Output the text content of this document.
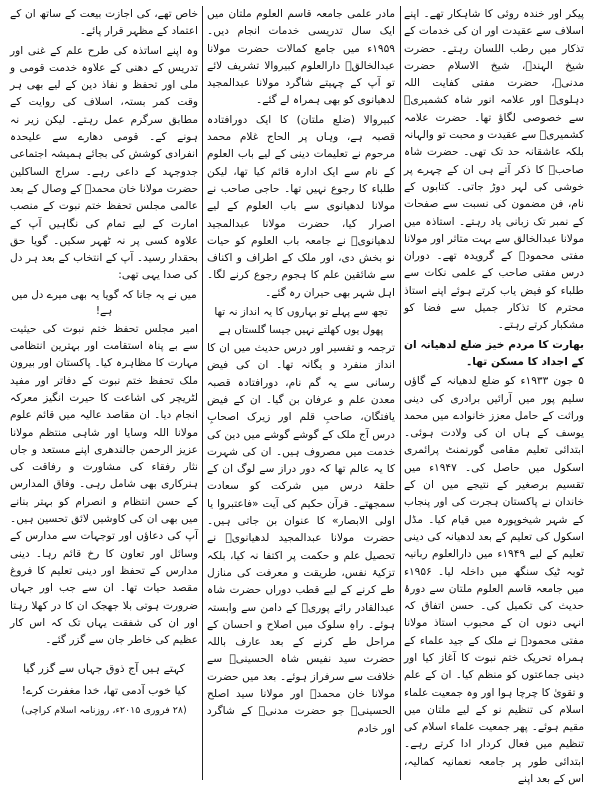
پیکر اور خندہ روئی کا شاہکار تھے۔ اپنے اسلاف سے عقیدت اور ان کی خدمات کے تذکار میں رطب اللسان رہتے۔ حضرت شیخ الہندؒ، شیخ الاسلام حضرت مدنیؒ، حضرت مفتی کفایت اللہ دہلویؒ اور علامہ انور شاہ کشمیریؒ سے خصوصی لگاؤ تھا۔ حضرت علامہ کشمیریؒ سے عقیدت و محبت تو والہانہ بلکہ عاشقانہ حد تک تھی۔ حضرت شاہ صاحبؒ کا ذکر آتے ہی ان کے چہرے پر خوشی کی لہر دوڑ جاتی۔ کتابوں کے نام، فن مضمون کی نسبت سے صفحات کے نمبر تک زبانی یاد رہتے۔ استاذہ میں مولانا عبدالخالق سے بہت متاثر اور مولانا مفتی محمودؒ کے گرویدہ تھے۔ دوران درس مفتی صاحب کے علمی نکات سے طلباء کو فیض یاب کرتے ہوئے اپنے استاذ محترم کا تذکار جمیل سے فضا کو مشکبار کرتے رہتے۔

بھارت کا مردم خیز ضلع لدھیانہ ان کے اجداد کا مسکن تھا۔

۵ جون ۱۹۳۳ء کو ضلع لدھیانہ کے گاؤں سلیم پور میں آرائیں برادری کی دینی وراثت کے حامل معزز خانوادے میں محمد یوسف کے ہاں ان کی ولادت ہوئی۔ ابتدائی تعلیم مقامی گورنمنٹ پرائمری اسکول میں حاصل کی۔ ۱۹۴۷ء میں تقسیم برصغیر کے نتیجے میں ان کے خاندان نے پاکستان ہجرت کی اور پنجاب کے شہر شیخوپورہ میں قیام کیا۔ مڈل اسکول کی تعلیم کے بعد لدھیانہ کی دینی تعلیم کے لیے ۱۹۴۹ء میں دارالعلوم ربانیہ ٹوبہ ٹیک سنگھ میں داخلہ لیا۔ ۱۹۵۶ء میں جامعہ قاسم العلوم ملتان سے دورۂ حدیث کی تکمیل کی۔ حسن اتفاق کہ انہی دنوں ان کے محبوب استاذ مولانا مفتی محمودؒ نے ملک کے جید علماء کے ہمراہ تحریک ختم نبوت کا آغاز کیا اور دینی جماعتوں کو منظم کیا۔ ان کے علم و تقویٰ کا چرچا ہوا اور وہ جمعیت علماء اسلام کی تنظیم نو کے لیے ملتان میں مقیم ہوئے۔ پھر جمعیت علماء اسلام کی تنظیم میں فعال کردار ادا کرتے رہے۔ ابتدائی طور پر جامعہ نعمانیہ کمالیہ، اس کے بعد اپنے

مادر علمی جامعہ قاسم العلوم ملتان میں ایک سال تدریسی خدمات انجام دیں۔ ۱۹۵۹ء میں جامع کمالات حضرت مولانا عبدالخالقؒ دارالعلوم کبیروالا تشریف لائے تو آپ کے چہیتے شاگرد مولانا عبدالمجید لدھیانوی کو بھی ہمراہ لے گئے۔

کبیروالا (ضلع ملتان) کا ایک دورافتادہ قصبہ ہے، وہاں پر الحاج غلام محمد مرحوم نے تعلیمات دینی کے لیے باب العلوم کے نام سے ایک ادارہ قائم کیا تھا، لیکن طلباء کا رجوع نہیں تھا۔ حاجی صاحب نے مولانا لدھیانوی سے باب العلوم کے لیے اصرار کیا، حضرت مولانا عبدالمجید لدھیانویؒ نے جامعہ باب العلوم کو حیات نو بخش دی، اور ملک کے اطراف و اکناف سے شائقین علم کا ہجوم رجوع کرنے لگا۔ اہل شہر بھی حیران رہ گئے۔

تجھ سے پہلے تو بہاروں کا یہ انداز نہ تھا

پھول یوں کھلتے نہیں جیسا گلستاں ہے

ترجمہ و تفسیر اور درس حدیث میں ان کا انداز منفرد و یگانہ تھا۔ ان کی فیض رسانی سے یہ گم نام، دورافتادہ قصبہ معدن علم و عرفان بن گیا۔ ان کے فیض یافتگان، صاحبِ قلم اور زیرک اصحابِ درس آج ملک کے گوشے گوشے میں دین کی خدمت میں مصروف ہیں۔ ان کی شہرت کا یہ عالم تھا کہ دور دراز سے لوگ ان کے حلقۂ درس میں شرکت کو سعادت سمجھتے۔ قرآن حکیم کی آیت «فاعتبروا یا اولی الابصار» کا عنوان بن جاتی ہیں۔ حضرت مولانا عبدالمجید لدھیانویؒ نے تحصیل علم و حکمت پر اکتفا نہ کیا، بلکہ تزکیۂ نفس، طریقت و معرفت کی منازل طے کرنے کے لیے قطب دوراں حضرت شاہ عبدالقادر رائے پوریؒ کے دامن سے وابستہ ہوئے۔ راہِ سلوک میں اصلاح و احسان کے مراحل طے کرنے کے بعد عارف باللہ حضرت سید نفیس شاہ الحسینیؒ سے خلافت سے سرفراز ہوئے۔ بعد میں حضرت مولانا خان محمدؒ اور مولانا سید اصلح الحسینیؒ جو حضرت مدنیؒ کے شاگرد اور خادم

خاص تھے، کی اجازت بیعت کے ساتھ ان کے اعتماد کے مظہر قرار پائے۔

وہ اپنے اساتذہ کی طرح علم کے غنی اور تدریس کے دھنی کے علاوہ خدمت قومی و ملی اور تحفظ و نفاذ دین کے لیے بھی ہر وقت کمر بستہ، اسلاف کی روایت کے مطابق سرگرم عمل رہتے۔ لیکن زیر نہ ہونے کے۔ قومی دھارے سے علیحدہ انفرادی کوشش کی بجائے ہمیشہ اجتماعی جدوجہد کے داعی رہے۔ سراج الساکلین حضرت مولانا خان محمدؒ کے وصال کے بعد عالمی مجلس تحفظ ختم نبوت کے منصب امارت کے لیے تمام کی نگاہیں آپ کے علاوہ کسی پر نہ ٹھہر سکیں۔ گویا حق بحقدار رسید۔ آپ کے انتخاب کے بعد ہر دل کی صدا یہی تھی:

میں نے یہ جانا کہ گویا یہ بھی میرے دل میں ہے!

امیر مجلس تحفظ ختم نبوت کی حیثیت سے بے پناہ استقامت اور بہترین انتظامی مہارت کا مظاہرہ کیا۔ پاکستان اور بیرون ملک تحفظ ختم نبوت کے دفاتر اور مفید لٹریچر کی اشاعت کا حیرت انگیز معرکہ انجام دیا۔ ان مقاصد عالیہ میں قائم علوم مولانا اللہ وسایا اور شاہی منتظم مولانا عزیز الرحمن جالندھری اپنے مستعد و جاں نثار رفقاء کی مشاورت و رفاقت کی ہنرکاری بھی شامل رہی۔ وفاق المدارس کے حسن انتظام و انصرام کو بہتر بنانے میں بھی ان کی کاوشیں لائق تحسین ہیں۔ آپ کی دعاؤں اور توجہات سے مدارس کے وسائل اور تعاون کا رخ قائم رہا۔ دینی مدارس کے تحفظ اور دینی تعلیم کا فروغ مقصد حیات تھا۔ ان سے جب اور جہاں ضرورت ہوتی بلا جھجک ان کا در کھلا رہتا اور ان کی شفقت یہاں تک کہ اس کار عظیم کی خاطر جان سے گزر گئے۔

کہتے ہیں آج ذوق جہاں سے گزر گیا

کیا خوب آدمی تھا، خدا مغفرت کرے!

(۲۸ فروری ۲۰۱۵ء، روزنامہ اسلام کراچی)
